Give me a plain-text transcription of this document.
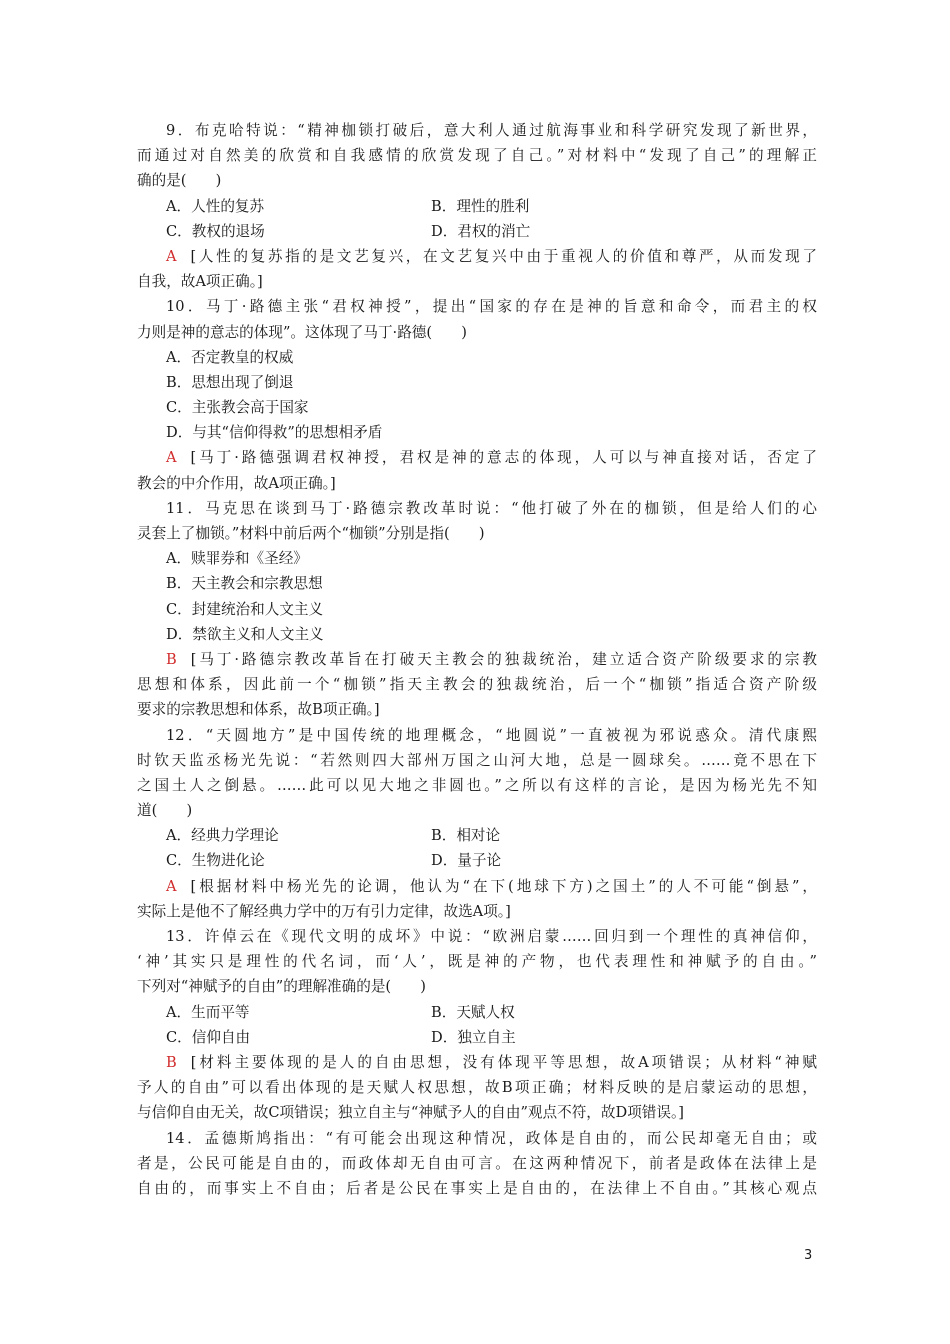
9．布克哈特说：“精神枷锁打破后，意大利人通过航海事业和科学研究发现了新世界，
而通过对自然美的欣赏和自我感情的欣赏发现了自己。”对材料中“发现了自己”的理解正
确的是(　　)
A．人性的复苏	B．理性的胜利
C．教权的退场	D．君权的消亡
A [人性的复苏指的是文艺复兴，在文艺复兴中由于重视人的价值和尊严，从而发现了
自我，故A项正确。]
10．马丁·路德主张“君权神授”，提出“国家的存在是神的旨意和命令，而君主的权
力则是神的意志的体现”。这体现了马丁·路德(　　)
A．否定教皇的权威
B．思想出现了倒退
C．主张教会高于国家
D．与其“信仰得救”的思想相矛盾
A [马丁·路德强调君权神授，君权是神的意志的体现，人可以与神直接对话，否定了
教会的中介作用，故A项正确。]
11．马克思在谈到马丁·路德宗教改革时说：“他打破了外在的枷锁，但是给人们的心
灵套上了枷锁。”材料中前后两个“枷锁”分别是指(　　)
A．赎罪券和《圣经》
B．天主教会和宗教思想
C．封建统治和人文主义
D．禁欲主义和人文主义
B [马丁·路德宗教改革旨在打破天主教会的独裁统治，建立适合资产阶级要求的宗教
思想和体系，因此前一个“枷锁”指天主教会的独裁统治，后一个“枷锁”指适合资产阶级
要求的宗教思想和体系，故B项正确。]
12．“天圆地方”是中国传统的地理概念，“地圆说”一直被视为邪说惑众。清代康熙
时钦天监丞杨光先说：“若然则四大部州万国之山河大地，总是一圆球矣。……竟不思在下
之国土人之倒悬。……此可以见大地之非圆也。”之所以有这样的言论，是因为杨光先不知
道(　　)
A．经典力学理论	B．相对论
C．生物进化论	D．量子论
A [根据材料中杨光先的论调，他认为“在下(地球下方)之国土”的人不可能“倒悬”，
实际上是他不了解经典力学中的万有引力定律，故选A项。]
13．许倬云在《现代文明的成坏》中说：“欧洲启蒙……回归到一个理性的真神信仰，
‘神’其实只是理性的代名词，而‘人’，既是神的产物，也代表理性和神赋予的自由。”
下列对“神赋予的自由”的理解准确的是(　　)
A．生而平等	B．天赋人权
C．信仰自由	D．独立自主
B [材料主要体现的是人的自由思想，没有体现平等思想，故A项错误；从材料“神赋
予人的自由”可以看出体现的是天赋人权思想，故B项正确；材料反映的是启蒙运动的思想，
与信仰自由无关，故C项错误；独立自主与“神赋予人的自由”观点不符，故D项错误。]
14．孟德斯鸠指出：“有可能会出现这种情况，政体是自由的，而公民却毫无自由；或
者是，公民可能是自由的，而政体却无自由可言。在这两种情况下，前者是政体在法律上是
自由的，而事实上不自由；后者是公民在事实上是自由的，在法律上不自由。”其核心观点
3
